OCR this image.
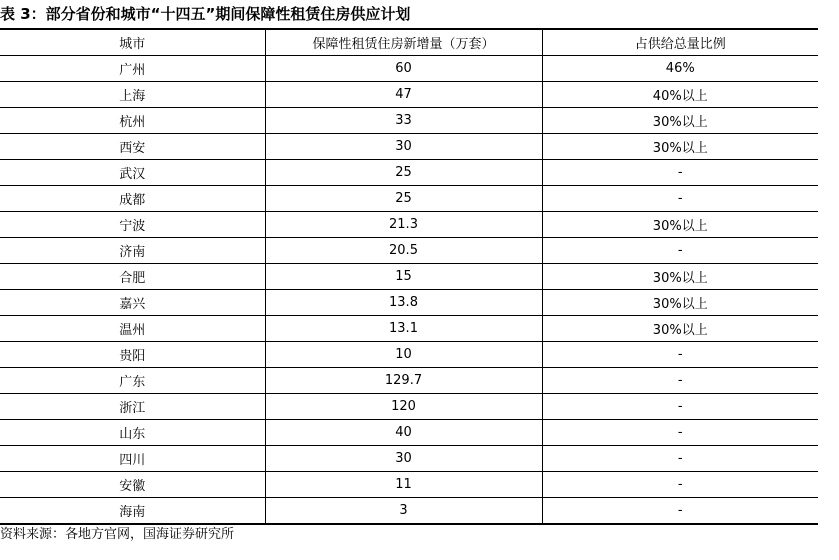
表 3：部分省份和城市“十四五”期间保障性租赁住房供应计划
城市	保障性租赁住房新增量（万套）	占供给总量比例
广州	60	46%
上海	47	40%以上
杭州	33	30%以上
西安	30	30%以上
武汉	25	-
成都	25	-
宁波	21.3	30%以上
济南	20.5	-
合肥	15	30%以上
嘉兴	13.8	30%以上
温州	13.1	30%以上
贵阳	10	-
广东	129.7	-
浙江	120	-
山东	40	-
四川	30	-
安徽	11	-
海南	3	-
资料来源：各地方官网，国海证券研究所
